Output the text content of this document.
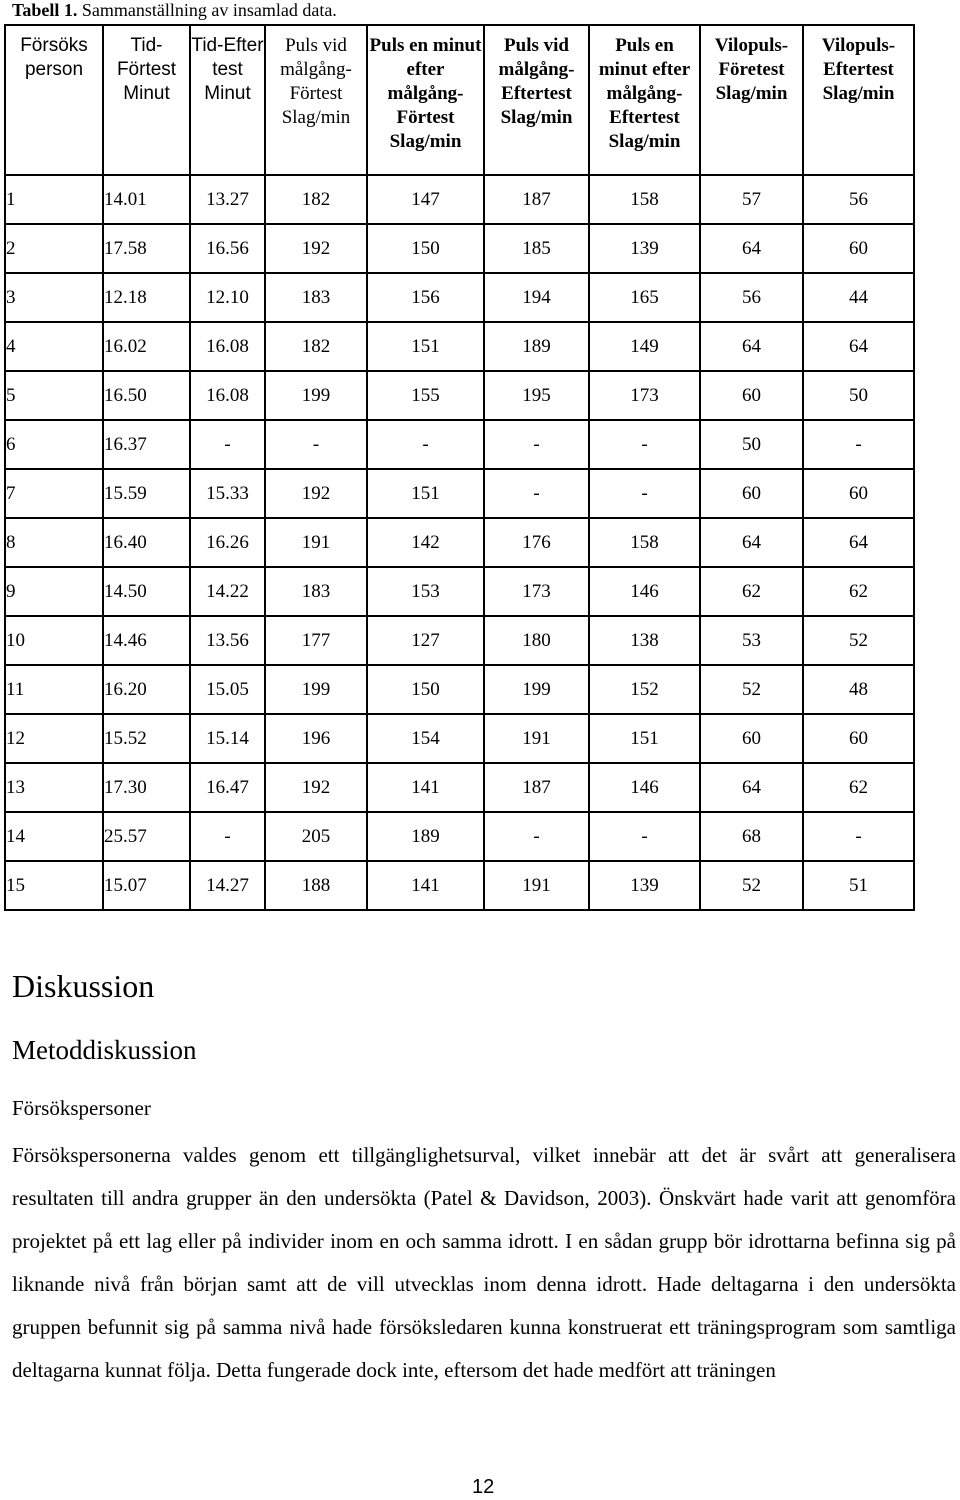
Tabell 1. Sammanställning av insamlad data.
Försöks person	Tid-Förtest Minut	Tid-Efter test Minut	Puls vid målgång-Förtest Slag/min	Puls en minut efter målgång-Förtest Slag/min	Puls vid målgång-Eftertest Slag/min	Puls en minut efter målgång-Eftertest Slag/min	Vilopuls-Företest Slag/min	Vilopuls-Eftertest Slag/min
1	14.01	13.27	182	147	187	158	57	56
2	17.58	16.56	192	150	185	139	64	60
3	12.18	12.10	183	156	194	165	56	44
4	16.02	16.08	182	151	189	149	64	64
5	16.50	16.08	199	155	195	173	60	50
6	16.37	-	-	-	-	-	50	-
7	15.59	15.33	192	151	-	-	60	60
8	16.40	16.26	191	142	176	158	64	64
9	14.50	14.22	183	153	173	146	62	62
10	14.46	13.56	177	127	180	138	53	52
11	16.20	15.05	199	150	199	152	52	48
12	15.52	15.14	196	154	191	151	60	60
13	17.30	16.47	192	141	187	146	64	62
14	25.57	-	205	189	-	-	68	-
15	15.07	14.27	188	141	191	139	52	51
Diskussion
Metoddiskussion
Försökspersoner

Försökspersonerna valdes genom ett tillgänglighetsurval, vilket innebär att det är svårt att generalisera resultaten till andra grupper än den undersökta (Patel & Davidson, 2003). Önskvärt hade varit att genomföra projektet på ett lag eller på individer inom en och samma idrott. I en sådan grupp bör idrottarna befinna sig på liknande nivå från början samt att de vill utvecklas inom denna idrott. Hade deltagarna i den undersökta gruppen befunnit sig på samma nivå hade försöksledaren kunna konstruerat ett träningsprogram som samtliga deltagarna kunnat följa. Detta fungerade dock inte, eftersom det hade medfört att träningen

12
